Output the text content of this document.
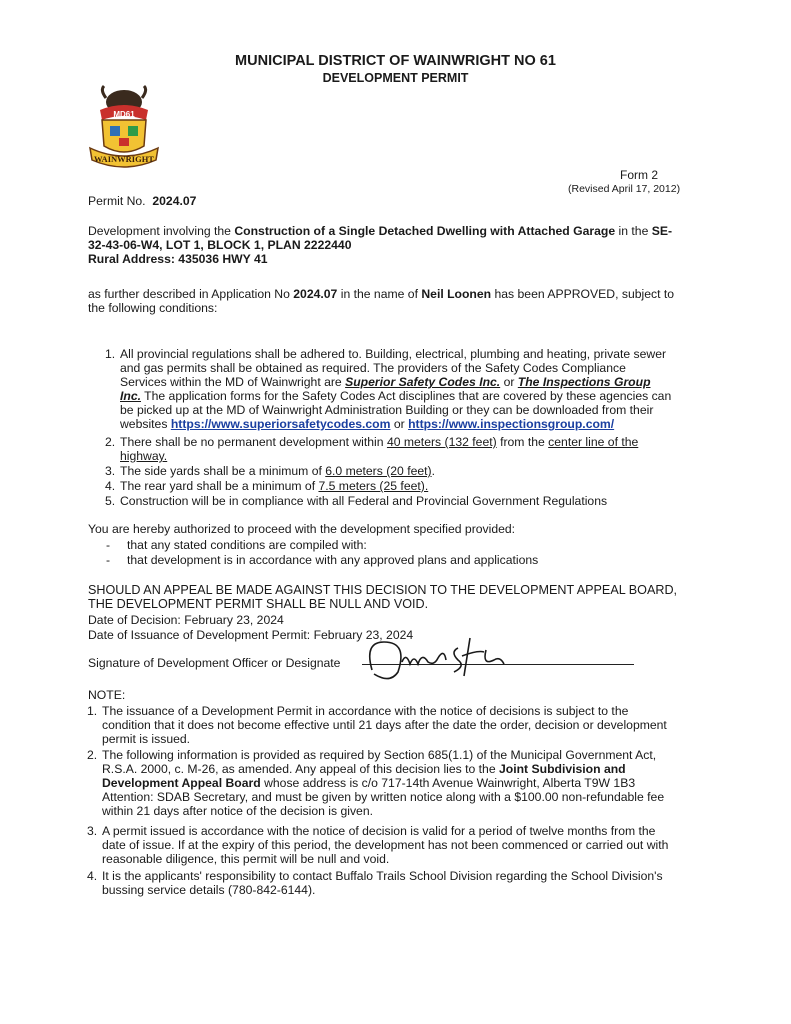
MUNICIPAL DISTRICT OF WAINWRIGHT NO 61
DEVELOPMENT PERMIT
MD61
WAINWRIGHT
Form 2
(Revised April 17, 2012)
Permit No. 2024.07
Development involving the Construction of a Single Detached Dwelling with Attached Garage in the SE-
32-43-06-W4, LOT 1, BLOCK 1, PLAN 2222440
Rural Address: 435036 HWY 41
as further described in Application No 2024.07 in the name of Neil Loonen has been APPROVED, subject to
the following conditions:
1. All provincial regulations shall be adhered to. Building, electrical, plumbing and heating, private sewer
and gas permits shall be obtained as required. The providers of the Safety Codes Compliance
Services within the MD of Wainwright are Superior Safety Codes Inc. or The Inspections Group
Inc. The application forms for the Safety Codes Act disciplines that are covered by these agencies can
be picked up at the MD of Wainwright Administration Building or they can be downloaded from their
websites https://www.superiorsafetycodes.com or https://www.inspectionsgroup.com/
2. There shall be no permanent development within 40 meters (132 feet) from the center line of the
highway.
3. The side yards shall be a minimum of 6.0 meters (20 feet).
4. The rear yard shall be a minimum of 7.5 meters (25 feet).
5. Construction will be in compliance with all Federal and Provincial Government Regulations
You are hereby authorized to proceed with the development specified provided:
-     that any stated conditions are compiled with:
-     that development is in accordance with any approved plans and applications
SHOULD AN APPEAL BE MADE AGAINST THIS DECISION TO THE DEVELOPMENT APPEAL BOARD,
THE DEVELOPMENT PERMIT SHALL BE NULL AND VOID.
Date of Decision: February 23, 2024
Date of Issuance of Development Permit: February 23, 2024
Signature of Development Officer or Designate
NOTE:
1. The issuance of a Development Permit in accordance with the notice of decisions is subject to the
condition that it does not become effective until 21 days after the date the order, decision or development
permit is issued.
2. The following information is provided as required by Section 685(1.1) of the Municipal Government Act,
R.S.A. 2000, c. M-26, as amended. Any appeal of this decision lies to the Joint Subdivision and
Development Appeal Board whose address is c/o 717-14th Avenue Wainwright, Alberta T9W 1B3
Attention: SDAB Secretary, and must be given by written notice along with a $100.00 non-refundable fee
within 21 days after notice of the decision is given.
3. A permit issued is accordance with the notice of decision is valid for a period of twelve months from the
date of issue. If at the expiry of this period, the development has not been commenced or carried out with
reasonable diligence, this permit will be null and void.
4. It is the applicants' responsibility to contact Buffalo Trails School Division regarding the School Division's
bussing service details (780-842-6144).
